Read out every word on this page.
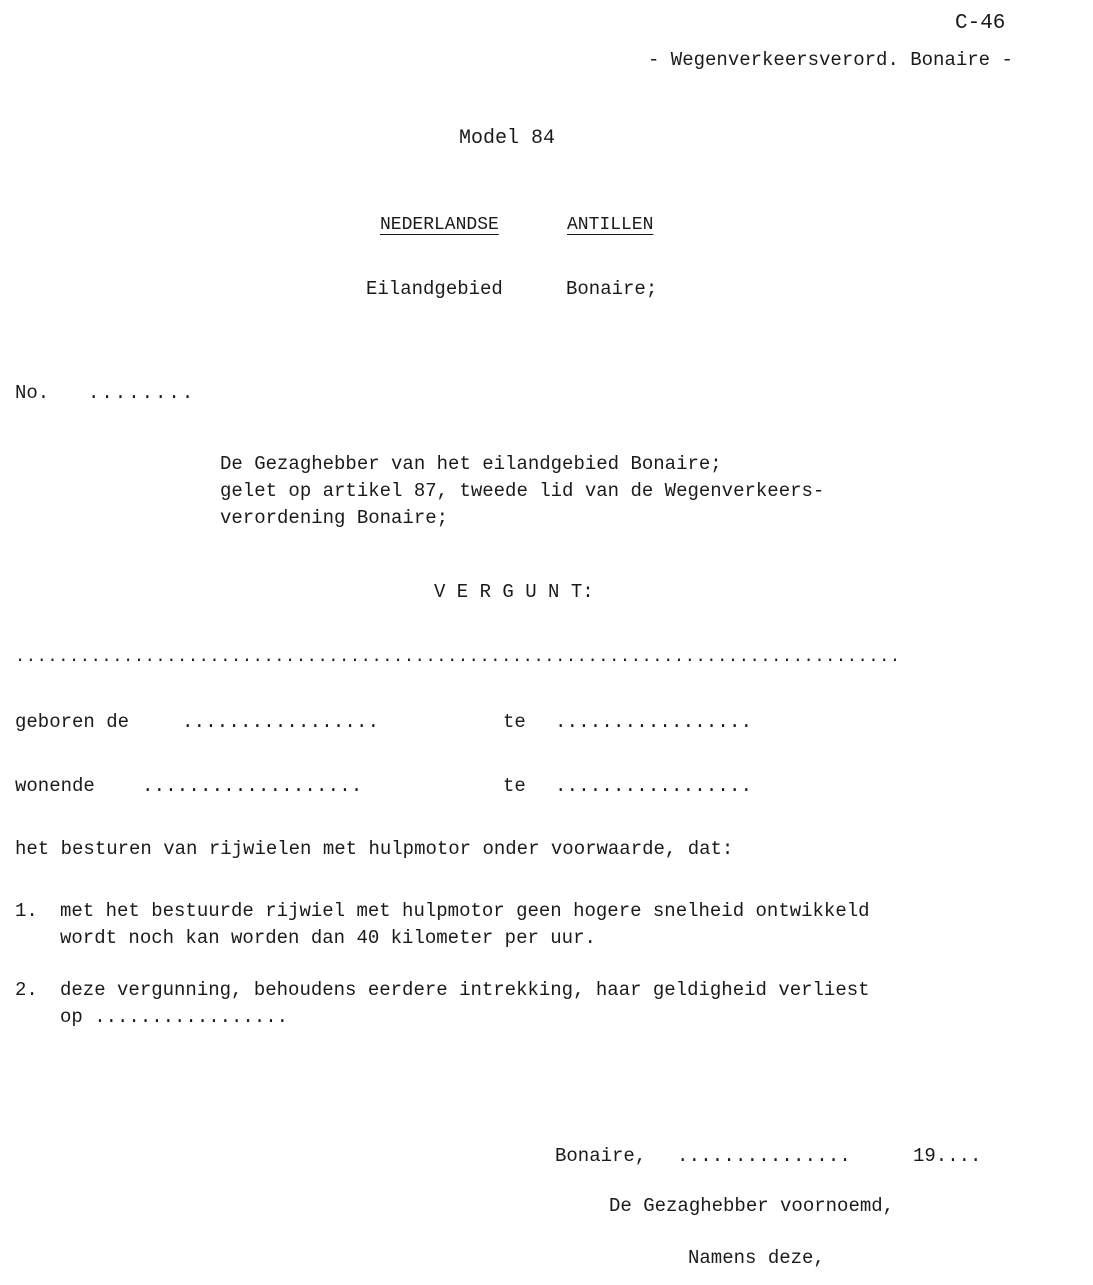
C-46
- Wegenverkeersverord. Bonaire -
Model 84
NEDERLANDSE	ANTILLEN
Eilandgebied	Bonaire;
No. ........
De Gezaghebber van het eilandgebied Bonaire;
gelet op artikel 87, tweede lid van de Wegenverkeers-
verordening Bonaire;
V E R G U N T:
..................................................................................
geboren de	.................	te .................
wonende ...................	te .................
het besturen van rijwielen met hulpmotor onder voorwaarde, dat:
1. met het bestuurde rijwiel met hulpmotor geen hogere snelheid ontwikkeld
wordt noch kan worden dan 40 kilometer per uur.
2. deze vergunning, behoudens eerdere intrekking, haar geldigheid verliest
op .................
Bonaire, ...............	19....
De Gezaghebber voornoemd,
Namens deze,
